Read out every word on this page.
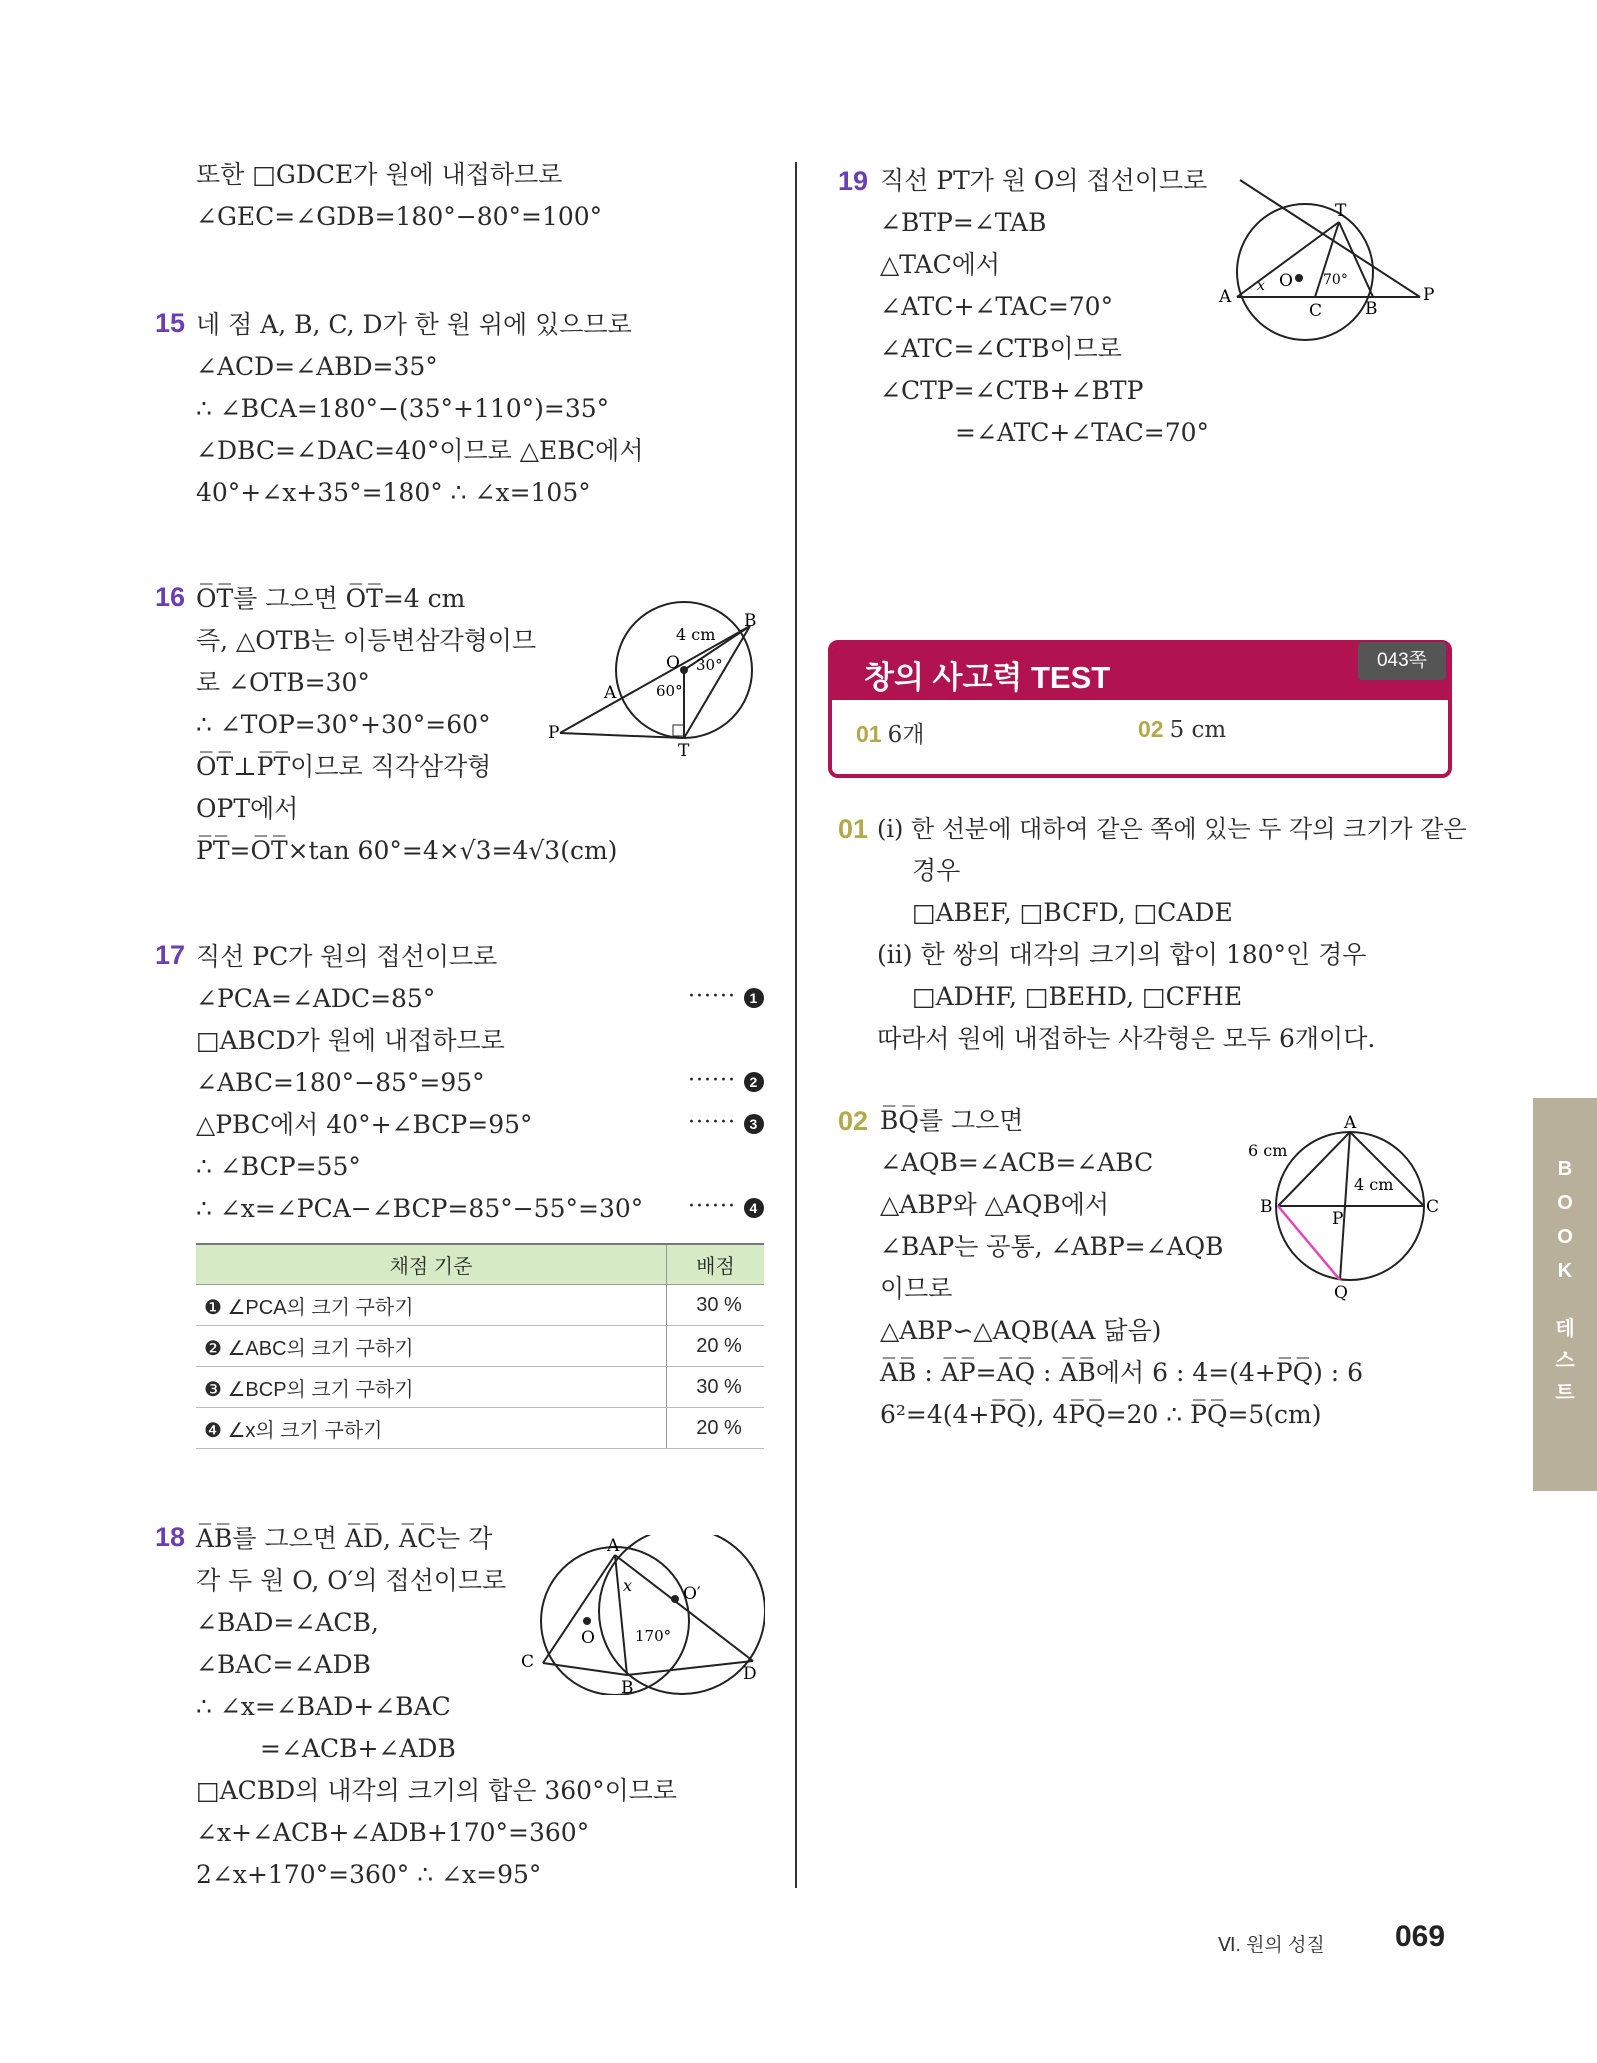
또한 □GDCE가 원에 내접하므로
∠GEC=∠GDB=180°−80°=100°
15 네 점 A, B, C, D가 한 원 위에 있으므로
∠ACD=∠ABD=35°
∴ ∠BCA=180°−(35°+110°)=35°
∠DBC=∠DAC=40°이므로 △EBC에서
40°+∠x+35°=180° ∴ ∠x=105°
16 O̅T̅를 그으면 O̅T̅=4 cm
즉, △OTB는 이등변삼각형이므
로 ∠OTB=30°
∴ ∠TOP=30°+30°=60°
O̅T̅⊥P̅T̅이므로 직각삼각형
OPT에서
P̅T̅=O̅T̅×tan 60°=4×√3=4√3(cm)
B
O
4 cm
30°
60°
A
P
T
17 직선 PC가 원의 접선이므로
∠PCA=∠ADC=85°
□ABCD가 원에 내접하므로
∠ABC=180°−85°=95°
△PBC에서 40°+∠BCP=95°
∴ ∠BCP=55°
∴ ∠x=∠PCA−∠BCP=85°−55°=30°
······ 1
······ 2
······ 3
······ 4
채점 기준	배점
❶ ∠PCA의 크기 구하기	30 %
❷ ∠ABC의 크기 구하기	20 %
❸ ∠BCP의 크기 구하기	30 %
❹ ∠x의 크기 구하기	20 %
18 A̅B̅를 그으면 A̅D̅, A̅C̅는 각
각 두 원 O, O′의 접선이므로
∠BAD=∠ACB,
∠BAC=∠ADB
∴ ∠x=∠BAD+∠BAC
=∠ACB+∠ADB
□ACBD의 내각의 크기의 합은 360°이므로
∠x+∠ACB+∠ADB+170°=360°
2∠x+170°=360° ∴ ∠x=95°
A
x	O′
O	170°
C
B
D
19 직선 PT가 원 O의 접선이므로
∠BTP=∠TAB
△TAC에서
∠ATC+∠TAC=70°
∠ATC=∠CTB이므로
∠CTP=∠CTB+∠BTP
=∠ATC+∠TAC=70°
T
O 70°
x
A
C	B
P
창의 사고력 TEST
01 6개	02 5 cm
043쪽
01 (i) 한 선분에 대하여 같은 쪽에 있는 두 각의 크기가 같은
경우
□ABEF, □BCFD, □CADE
(ii) 한 쌍의 대각의 크기의 합이 180°인 경우
□ADHF, □BEHD, □CFHE
따라서 원에 내접하는 사각형은 모두 6개이다.
02 B̅Q̅를 그으면
∠AQB=∠ACB=∠ABC
△ABP와 △AQB에서
∠BAP는 공통, ∠ABP=∠AQB
이므로
△ABP∽△AQB(AA 닮음)
A̅B̅ : A̅P̅=A̅Q̅ : A̅B̅에서 6 : 4=(4+P̅Q̅) : 6
6²=4(4+P̅Q̅), 4P̅Q̅=20 ∴ P̅Q̅=5(cm)
A
6 cm
4 cm
B	C
P
Q
B
O
O
K
테
스
트
Ⅵ. 원의 성질 069
